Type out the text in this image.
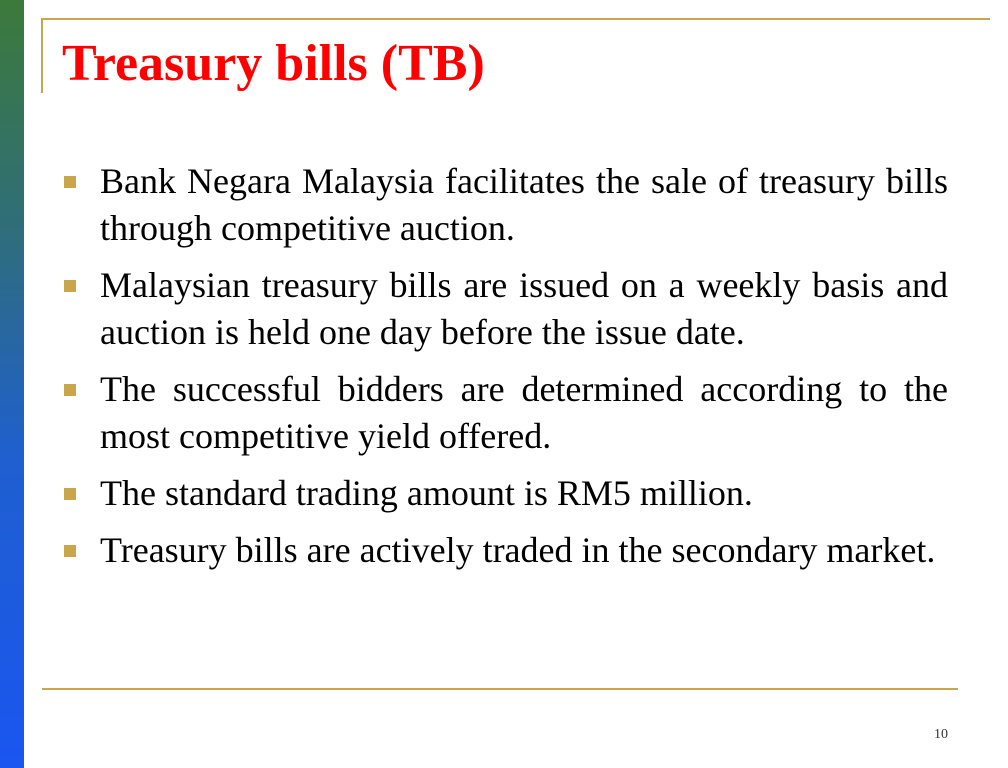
Treasury bills (TB)
Bank Negara Malaysia facilitates the sale of treasury bills through competitive auction.
Malaysian treasury bills are issued on a weekly basis and auction is held one day before the issue date.
The successful bidders are determined according to the most competitive yield offered.
The standard trading amount is RM5 million.
Treasury bills are actively traded in the secondary market.
10
